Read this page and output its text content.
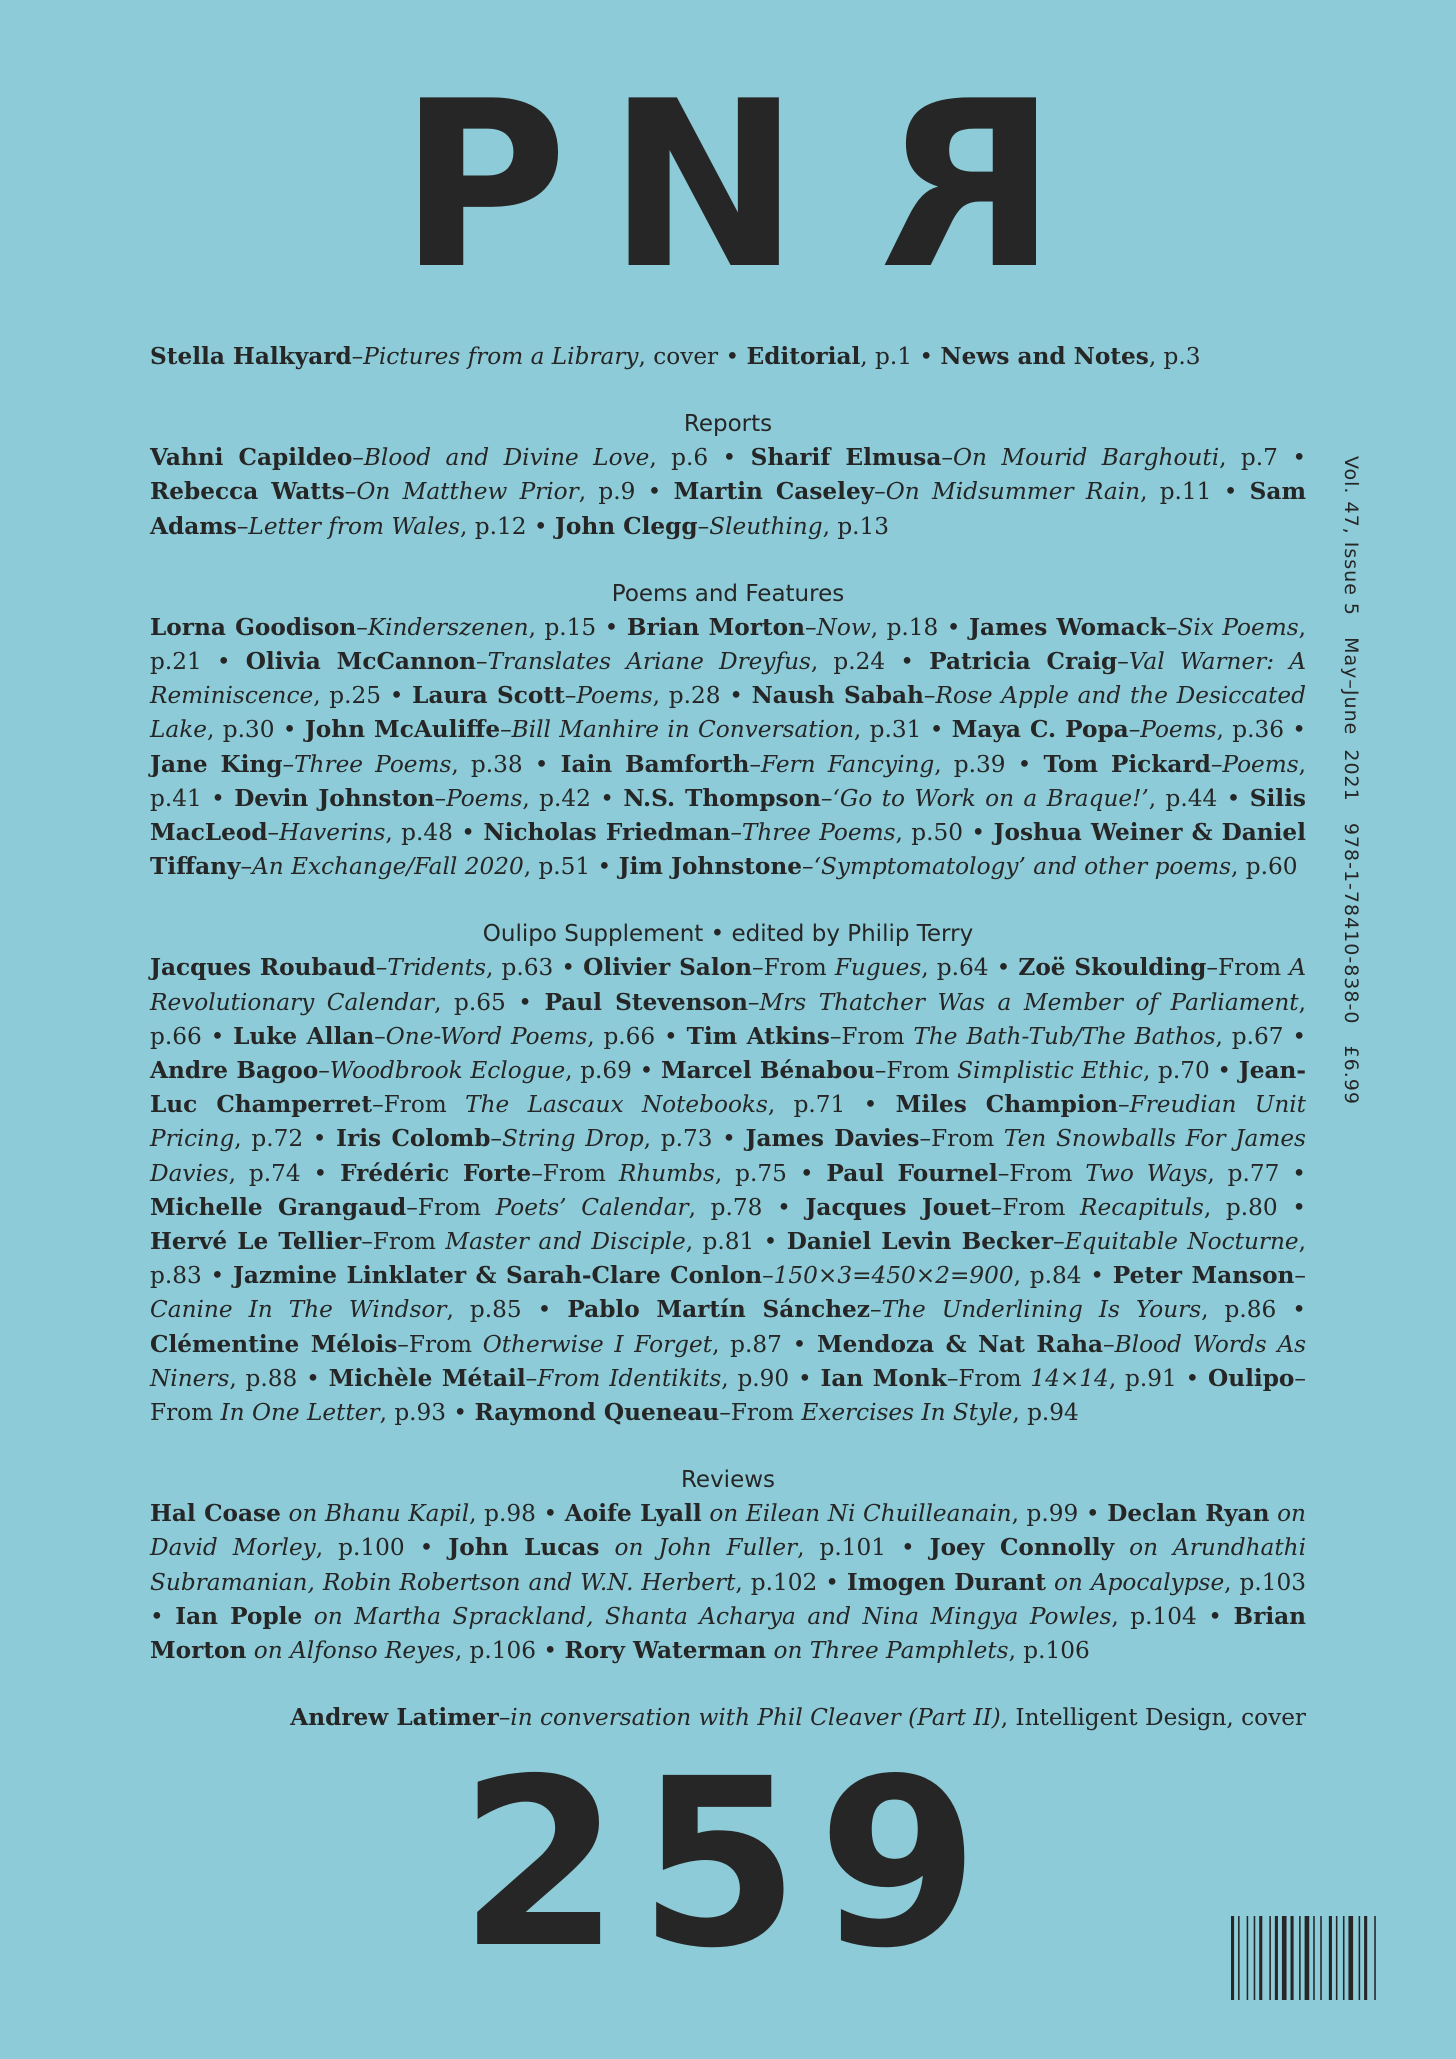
PNR

Stella Halkyard–Pictures from a Library, cover • Editorial, p.1 • News and Notes, p.3

Reports

Vahni Capildeo–Blood and Divine Love, p.6 • Sharif Elmusa–On Mourid Barghouti, p.7 • Rebecca Watts–On Matthew Prior, p.9 • Martin Caseley–On Midsummer Rain, p.11 • Sam Adams–Letter from Wales, p.12 • John Clegg–Sleuthing, p.13

Poems and Features

Lorna Goodison–Kinderszenen, p.15 • Brian Morton–Now, p.18 • James Womack–Six Poems, p.21 • Olivia McCannon–Translates Ariane Dreyfus, p.24 • Patricia Craig–Val Warner: A Reminiscence, p.25 • Laura Scott–Poems, p.28 • Naush Sabah–Rose Apple and the Desiccated Lake, p.30 • John McAuliffe–Bill Manhire in Conversation, p.31 • Maya C. Popa–Poems, p.36 • Jane King–Three Poems, p.38 • Iain Bamforth–Fern Fancying, p.39 • Tom Pickard–Poems, p.41 • Devin Johnston–Poems, p.42 • N.S. Thompson–‘Go to Work on a Braque!’, p.44 • Silis MacLeod–Haverins, p.48 • Nicholas Friedman–Three Poems, p.50 • Joshua Weiner & Daniel Tiffany–An Exchange/Fall 2020, p.51 • Jim Johnstone–‘Symptomatology’ and other poems, p.60

Oulipo Supplement • edited by Philip Terry

Jacques Roubaud–Tridents, p.63 • Olivier Salon–From Fugues, p.64 • Zoë Skoulding–From A Revolutionary Calendar, p.65 • Paul Stevenson–Mrs Thatcher Was a Member of Parliament, p.66 • Luke Allan–One-Word Poems, p.66 • Tim Atkins–From The Bath-Tub/The Bathos, p.67 • Andre Bagoo–Woodbrook Eclogue, p.69 • Marcel Bénabou–From Simplistic Ethic, p.70 • Jean-Luc Champerret–From The Lascaux Notebooks, p.71 • Miles Champion–Freudian Unit Pricing, p.72 • Iris Colomb–String Drop, p.73 • James Davies–From Ten Snowballs For James Davies, p.74 • Frédéric Forte–From Rhumbs, p.75 • Paul Fournel–From Two Ways, p.77 • Michelle Grangaud–From Poets’ Calendar, p.78 • Jacques Jouet–From Recapituls, p.80 • Hervé Le Tellier–From Master and Disciple, p.81 • Daniel Levin Becker–Equitable Nocturne, p.83 • Jazmine Linklater & Sarah-Clare Conlon–150×3=450×2=900, p.84 • Peter Manson–Canine In The Windsor, p.85 • Pablo Martín Sánchez–The Underlining Is Yours, p.86 • Clémentine Mélois–From Otherwise I Forget, p.87 • Mendoza & Nat Raha–Blood Words As Niners, p.88 • Michèle Métail–From Identikits, p.90 • Ian Monk–From 14×14, p.91 • Oulipo–From In One Letter, p.93 • Raymond Queneau–From Exercises In Style, p.94

Reviews

Hal Coase on Bhanu Kapil, p.98 • Aoife Lyall on Eilean Ni Chuilleanain, p.99 • Declan Ryan on David Morley, p.100 • John Lucas on John Fuller, p.101 • Joey Connolly on Arundhathi Subramanian, Robin Robertson and W.N. Herbert, p.102 • Imogen Durant on Apocalypse, p.103 • Ian Pople on Martha Sprackland, Shanta Acharya and Nina Mingya Powles, p.104 • Brian Morton on Alfonso Reyes, p.106 • Rory Waterman on Three Pamphlets, p.106

Andrew Latimer–in conversation with Phil Cleaver (Part II), Intelligent Design, cover

Vol. 47, Issue 5   May–June  2021   978-1-78410-838-0   £6.99
259
